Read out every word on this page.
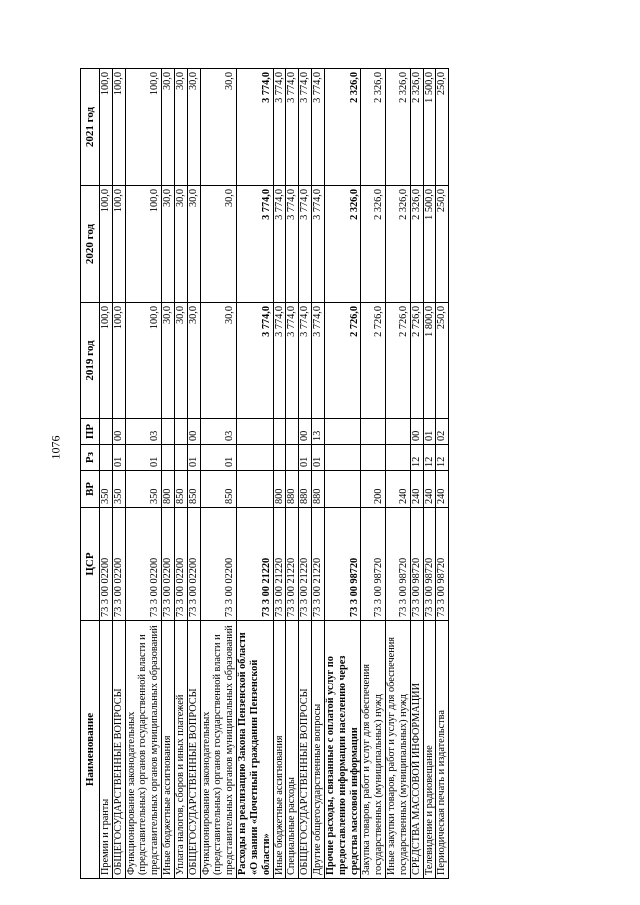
1076
Наименование	ЦСР	ВР	Рз	ПР	2019 год	2020 год	2021 год
Премии и гранты	73 3 00 02200	350			100,0	100,0	100,0
ОБЩЕГОСУДАРСТВЕННЫЕ ВОПРОСЫ	73 3 00 02200	350	01	00	100,0	100,0	100,0
Функционирование законодательных (представительных) органов государственной власти и представительных органов муниципальных образований	73 3 00 02200	350	01	03	100,0	100,0	100,0
Иные бюджетные ассигнования	73 3 00 02200	800			30,0	30,0	30,0
Уплата налогов, сборов и иных платежей	73 3 00 02200	850			30,0	30,0	30,0
ОБЩЕГОСУДАРСТВЕННЫЕ ВОПРОСЫ	73 3 00 02200	850	01	00	30,0	30,0	30,0
Функционирование законодательных (представительных) органов государственной власти и представительных органов муниципальных образований	73 3 00 02200	850	01	03	30,0	30,0	30,0
Расходы на реализацию Закона Пензенской области «О звании «Почетный гражданин Пензенской области»	73 3 00 21220				3 774,0	3 774,0	3 774,0
Иные бюджетные ассигнования	73 3 00 21220	800			3 774,0	3 774,0	3 774,0
Специальные расходы	73 3 00 21220	880			3 774,0	3 774,0	3 774,0
ОБЩЕГОСУДАРСТВЕННЫЕ ВОПРОСЫ	73 3 00 21220	880	01	00	3 774,0	3 774,0	3 774,0
Другие общегосударственные вопросы	73 3 00 21220	880	01	13	3 774,0	3 774,0	3 774,0
Прочие расходы, связанные с оплатой услуг по предоставлению информации населению через средства массовой информации	73 3 00 98720				2 726,0	2 326,0	2 326,0
Закупка товаров, работ и услуг для обеспечения государственных (муниципальных) нужд	73 3 00 98720	200			2 726,0	2 326,0	2 326,0
Иные закупки товаров, работ и услуг для обеспечения государственных (муниципальных) нужд	73 3 00 98720	240			2 726,0	2 326,0	2 326,0
СРЕДСТВА МАССОВОЙ ИНФОРМАЦИИ	73 3 00 98720	240	12	00	2 726,0	2 326,0	2 326,0
Телевидение и радиовещание	73 3 00 98720	240	12	01	1 800,0	1 500,0	1 500,0
Периодическая печать и издательства	73 3 00 98720	240	12	02	250,0	250,0	250,0
